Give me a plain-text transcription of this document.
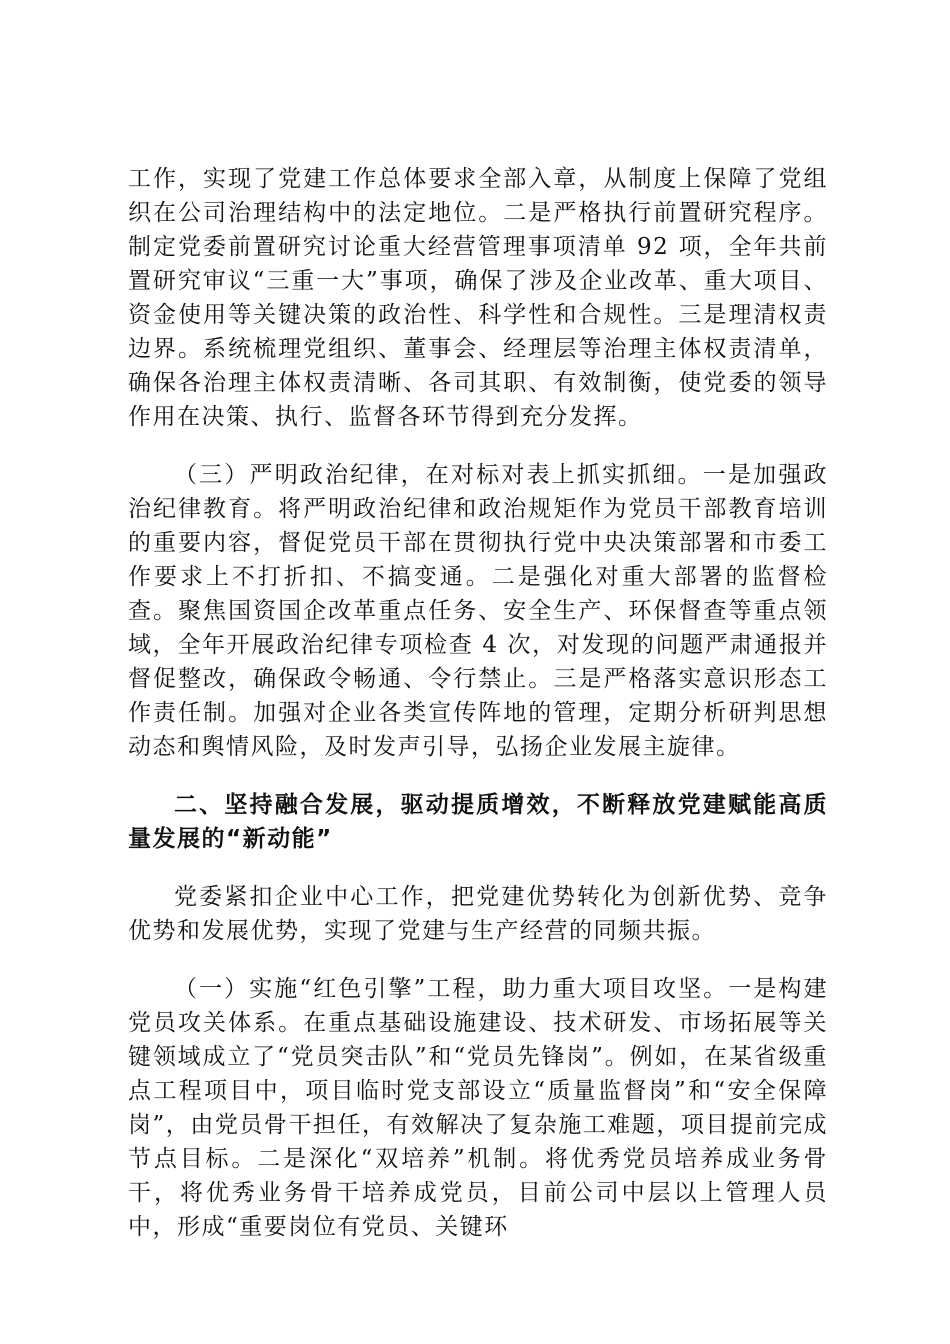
工作，实现了党建工作总体要求全部入章，从制度上保障了党组织在公司治理结构中的法定地位。二是严格执行前置研究程序。制定党委前置研究讨论重大经营管理事项清单 92 项，全年共前置研究审议“三重一大”事项，确保了涉及企业改革、重大项目、资金使用等关键决策的政治性、科学性和合规性。三是理清权责边界。系统梳理党组织、董事会、经理层等治理主体权责清单，确保各治理主体权责清晰、各司其职、有效制衡，使党委的领导作用在决策、执行、监督各环节得到充分发挥。

（三）严明政治纪律，在对标对表上抓实抓细。一是加强政治纪律教育。将严明政治纪律和政治规矩作为党员干部教育培训的重要内容，督促党员干部在贯彻执行党中央决策部署和市委工作要求上不打折扣、不搞变通。二是强化对重大部署的监督检查。聚焦国资国企改革重点任务、安全生产、环保督查等重点领域，全年开展政治纪律专项检查 4 次，对发现的问题严肃通报并督促整改，确保政令畅通、令行禁止。三是严格落实意识形态工作责任制。加强对企业各类宣传阵地的管理，定期分析研判思想动态和舆情风险，及时发声引导，弘扬企业发展主旋律。

二、坚持融合发展，驱动提质增效，不断释放党建赋能高质量发展的“新动能”

党委紧扣企业中心工作，把党建优势转化为创新优势、竞争优势和发展优势，实现了党建与生产经营的同频共振。

（一）实施“红色引擎”工程，助力重大项目攻坚。一是构建党员攻关体系。在重点基础设施建设、技术研发、市场拓展等关键领域成立了“党员突击队”和“党员先锋岗”。例如，在某省级重点工程项目中，项目临时党支部设立“质量监督岗”和“安全保障岗”，由党员骨干担任，有效解决了复杂施工难题，项目提前完成节点目标。二是深化“双培养”机制。将优秀党员培养成业务骨干，将优秀业务骨干培养成党员，目前公司中层以上管理人员中，形成“重要岗位有党员、关键环
